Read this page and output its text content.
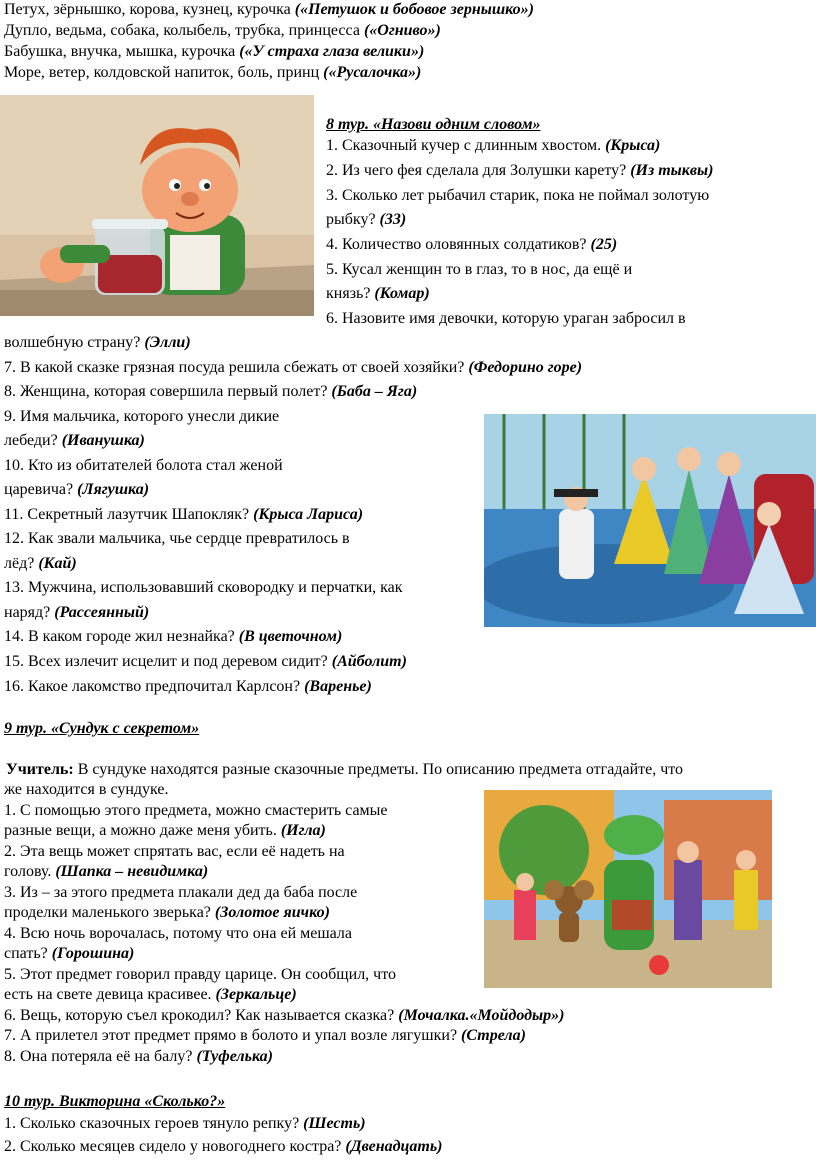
Петух, зёрнышко, корова, кузнец, курочка («Петушок и бобовое зернышко»)
Дупло, ведьма, собака, колыбель, трубка, принцесса («Огниво»)
Бабушка, внучка, мышка, курочка («У страха глаза велики»)
Море, ветер, колдовской напиток, боль, принц («Русалочка»)
8 тур. «Назови одним словом»
1. Сказочный кучер с длинным хвостом. (Крыса)
2. Из чего фея сделала для Золушки карету? (Из тыквы)
3. Сколько лет рыбачил старик, пока не поймал золотую
рыбку? (33)
4. Количество оловянных солдатиков? (25)
5. Кусал женщин то в глаз, то в нос, да ещё и
князь? (Комар)
6. Назовите имя девочки, которую ураган забросил в
волшебную страну? (Элли)
7. В какой сказке грязная посуда решила сбежать от своей хозяйки? (Федорино горе)
8. Женщина, которая совершила первый полет? (Баба – Яга)
9. Имя мальчика, которого унесли дикие
лебеди? (Иванушка)
10. Кто из обитателей болота стал женой
царевича? (Лягушка)
11. Секретный лазутчик Шапокляк? (Крыса Лариса)
12. Как звали мальчика, чье сердце превратилось в
лёд? (Кай)
13. Мужчина, использовавший сковородку и перчатки, как
наряд? (Рассеянный)
14. В каком городе жил незнайка? (В цветочном)
15. Всех излечит исцелит и под деревом сидит? (Айболит)
16. Какое лакомство предпочитал Карлсон? (Варенье)
9 тур. «Сундук с секретом»
Учитель: В сундуке находятся разные сказочные предметы. По описанию предмета отгадайте, что
же находится в сундуке.
1. С помощью этого предмета, можно смастерить самые
разные вещи, а можно даже меня убить. (Игла)
2. Эта вещь может спрятать вас, если её надеть на
голову. (Шапка – невидимка)
3. Из – за этого предмета плакали дед да баба после
проделки маленького зверька? (Золотое яичко)
4. Всю ночь ворочалась, потому что она ей мешала
спать? (Горошина)
5. Этот предмет говорил правду царице. Он сообщил, что
есть на свете девица красивее. (Зеркальце)
6. Вещь, которую съел крокодил? Как называется сказка? (Мочалка.«Мойдодыр»)
7. А прилетел этот предмет прямо в болото и упал возле лягушки? (Стрела)
8. Она потеряла её на балу? (Туфелька)
10 тур. Викторина «Сколько?»
1. Сколько сказочных героев тянуло репку? (Шесть)
2. Сколько месяцев сидело у новогоднего костра? (Двенадцать)
